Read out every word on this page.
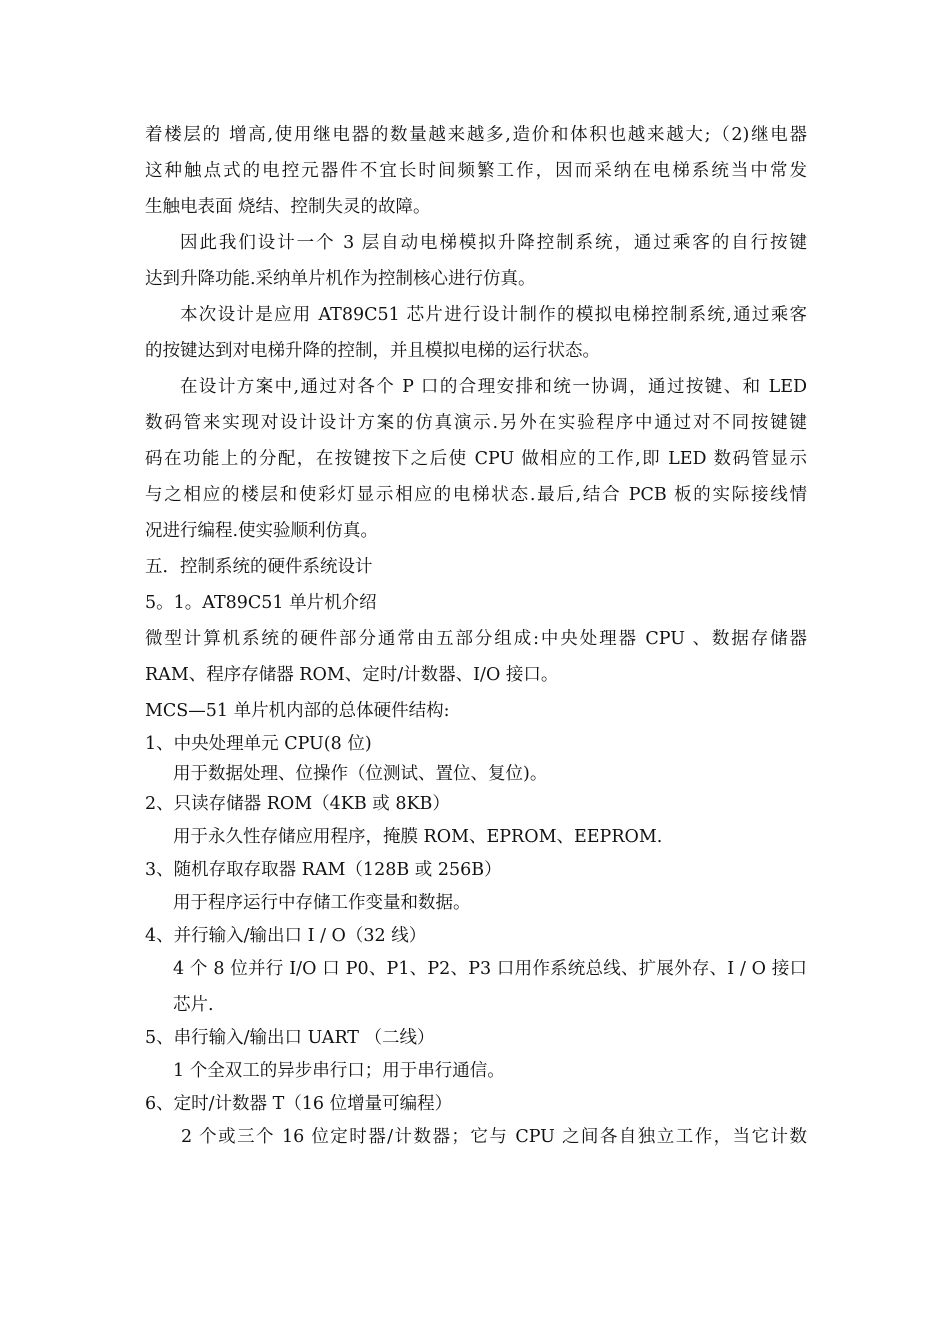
着楼层的 增高,使用继电器的数量越来越多,造价和体积也越来越大;（2)继电器
这种触点式的电控元器件不宜长时间频繁工作，因而采纳在电梯系统当中常发
生触电表面 烧结、控制失灵的故障。
因此我们设计一个 3 层自动电梯模拟升降控制系统，通过乘客的自行按键
达到升降功能.采纳单片机作为控制核心进行仿真。
本次设计是应用 AT89C51 芯片进行设计制作的模拟电梯控制系统,通过乘客
的按键达到对电梯升降的控制，并且模拟电梯的运行状态。
在设计方案中,通过对各个 P 口的合理安排和统一协调，通过按键、和 LED
数码管来实现对设计设计方案的仿真演示.另外在实验程序中通过对不同按键键
码在功能上的分配，在按键按下之后使 CPU 做相应的工作,即 LED 数码管显示
与之相应的楼层和使彩灯显示相应的电梯状态.最后,结合 PCB 板的实际接线情
况进行编程.使实验顺利仿真。
五．控制系统的硬件系统设计
5。1。AT89C51 单片机介绍
微型计算机系统的硬件部分通常由五部分组成:中央处理器 CPU 、数据存储器
RAM、程序存储器 ROM、定时/计数器、I/O 接口。
MCS—51 单片机内部的总体硬件结构:
1、中央处理单元 CPU(8 位)
用于数据处理、位操作（位测试、置位、复位)。
2、只读存储器 ROM（4KB 或 8KB）
用于永久性存储应用程序，掩膜 ROM、EPROM、EEPROM.
3、随机存取存取器 RAM（128B 或 256B）
用于程序运行中存储工作变量和数据。
4、并行输入/输出口 I / O（32 线）
4 个 8 位并行 I/O 口 P0、P1、P2、P3 口用作系统总线、扩展外存、I / O 接口
芯片.
5、串行输入/输出口 UART （二线）
1 个全双工的异步串行口；用于串行通信。
6、定时/计数器 T（16 位增量可编程）
2 个或三个 16 位定时器/计数器；它与 CPU 之间各自独立工作，当它计数
